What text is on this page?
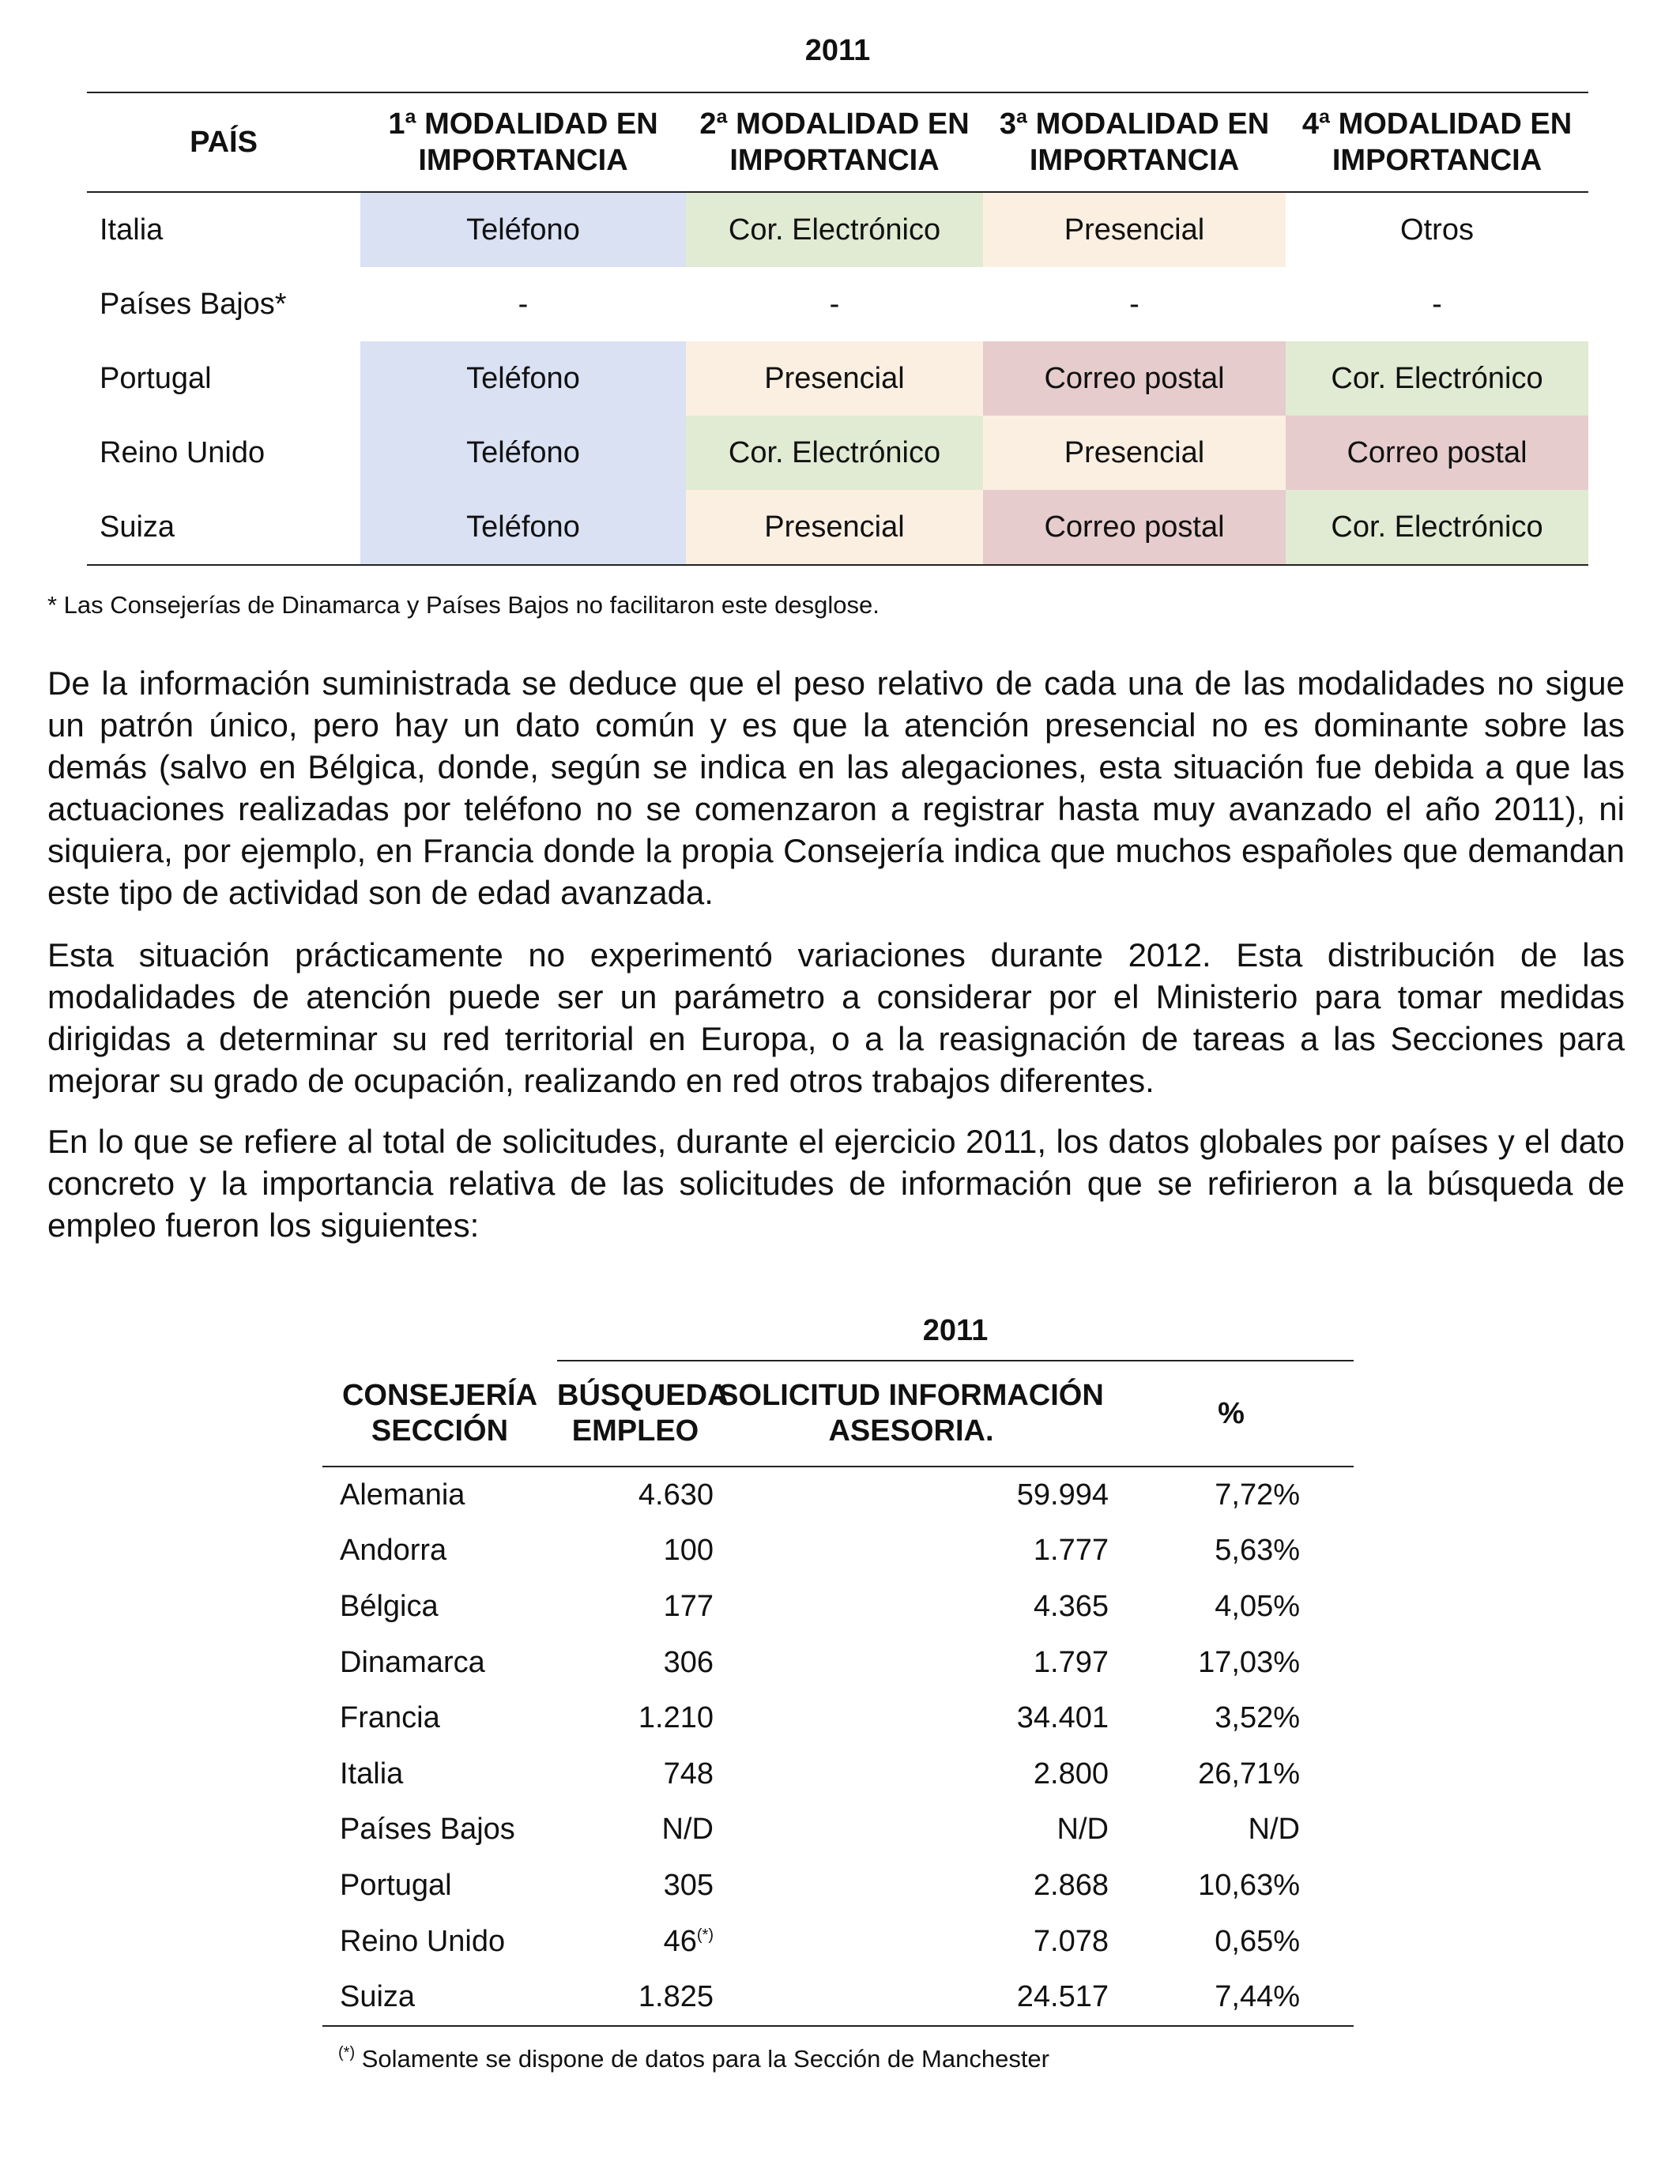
2011
PAÍS	1ª MODALIDAD EN IMPORTANCIA	2ª MODALIDAD EN IMPORTANCIA	3ª MODALIDAD EN IMPORTANCIA	4ª MODALIDAD EN IMPORTANCIA
Italia	Teléfono	Cor. Electrónico	Presencial	Otros
Países Bajos*	-	-	-	-
Portugal	Teléfono	Presencial	Correo postal	Cor. Electrónico
Reino Unido	Teléfono	Cor. Electrónico	Presencial	Correo postal
Suiza	Teléfono	Presencial	Correo postal	Cor. Electrónico
* Las Consejerías de Dinamarca y Países Bajos no facilitaron este desglose.

De la información suministrada se deduce que el peso relativo de cada una de las modalidades no sigue un patrón único, pero hay un dato común y es que la atención presencial no es dominante sobre las demás (salvo en Bélgica, donde, según se indica en las alegaciones, esta situación fue debida a que las actuaciones realizadas por teléfono no se comenzaron a registrar hasta muy avanzado el año 2011), ni siquiera, por ejemplo, en Francia donde la propia Consejería indica que muchos españoles que demandan este tipo de actividad son de edad avanzada.

Esta situación prácticamente no experimentó variaciones durante 2012. Esta distribución de las modalidades de atención puede ser un parámetro a considerar por el Ministerio para tomar medidas dirigidas a determinar su red territorial en Europa, o a la reasignación de tareas a las Secciones para mejorar su grado de ocupación, realizando en red otros trabajos diferentes.

En lo que se refiere al total de solicitudes, durante el ejercicio 2011, los datos globales por países y el dato concreto y la importancia relativa de las solicitudes de información que se refirieron a la búsqueda de empleo fueron los siguientes:

2011
CONSEJERÍA SECCIÓN	BÚSQUEDA EMPLEO	SOLICITUD INFORMACIÓN ASESORIA.	%
Alemania	4.630	59.994	7,72%
Andorra	100	1.777	5,63%
Bélgica	177	4.365	4,05%
Dinamarca	306	1.797	17,03%
Francia	1.210	34.401	3,52%
Italia	748	2.800	26,71%
Países Bajos	N/D	N/D	N/D
Portugal	305	2.868	10,63%
Reino Unido	46(*)	7.078	0,65%
Suiza	1.825	24.517	7,44%
(*) Solamente se dispone de datos para la Sección de Manchester
